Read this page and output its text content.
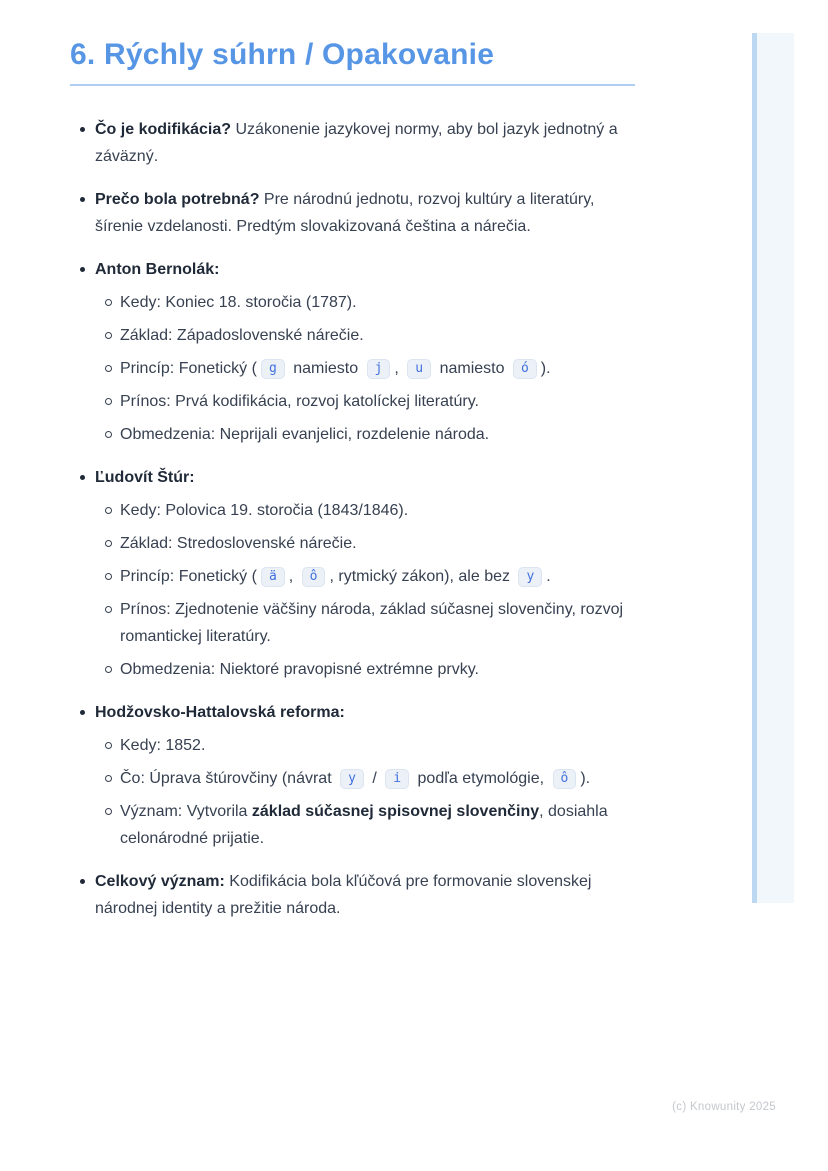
6. Rýchly súhrn / Opakovanie
Čo je kodifikácia? Uzákonenie jazykovej normy, aby bol jazyk jednotný a záväzný.
Prečo bola potrebná? Pre národnú jednotu, rozvoj kultúry a literatúry, šírenie vzdelanosti. Predtým slovakizovaná čeština a nárečia.
Anton Bernolák:
Kedy: Koniec 18. storočia (1787).
Základ: Západoslovenské nárečie.
Princíp: Fonetický ( g namiesto j , u namiesto ó ).
Prínos: Prvá kodifikácia, rozvoj katolíckej literatúry.
Obmedzenia: Neprijali evanjelici, rozdelenie národa.
Ľudovít Štúr:
Kedy: Polovica 19. storočia (1843/1846).
Základ: Stredoslovenské nárečie.
Princíp: Fonetický ( ä , ô , rytmický zákon), ale bez y .
Prínos: Zjednotenie väčšiny národa, základ súčasnej slovenčiny, rozvoj romantickej literatúry.
Obmedzenia: Niektoré pravopisné extrémne prvky.
Hodžovsko-Hattalovská reforma:
Kedy: 1852.
Čo: Úprava štúrovčiny (návrat y / i podľa etymológie, ô ).
Význam: Vytvorila základ súčasnej spisovnej slovenčiny, dosiahla celonárodné prijatie.
Celkový význam: Kodifikácia bola kľúčová pre formovanie slovenskej národnej identity a prežitie národa.
(c) Knowunity 2025
